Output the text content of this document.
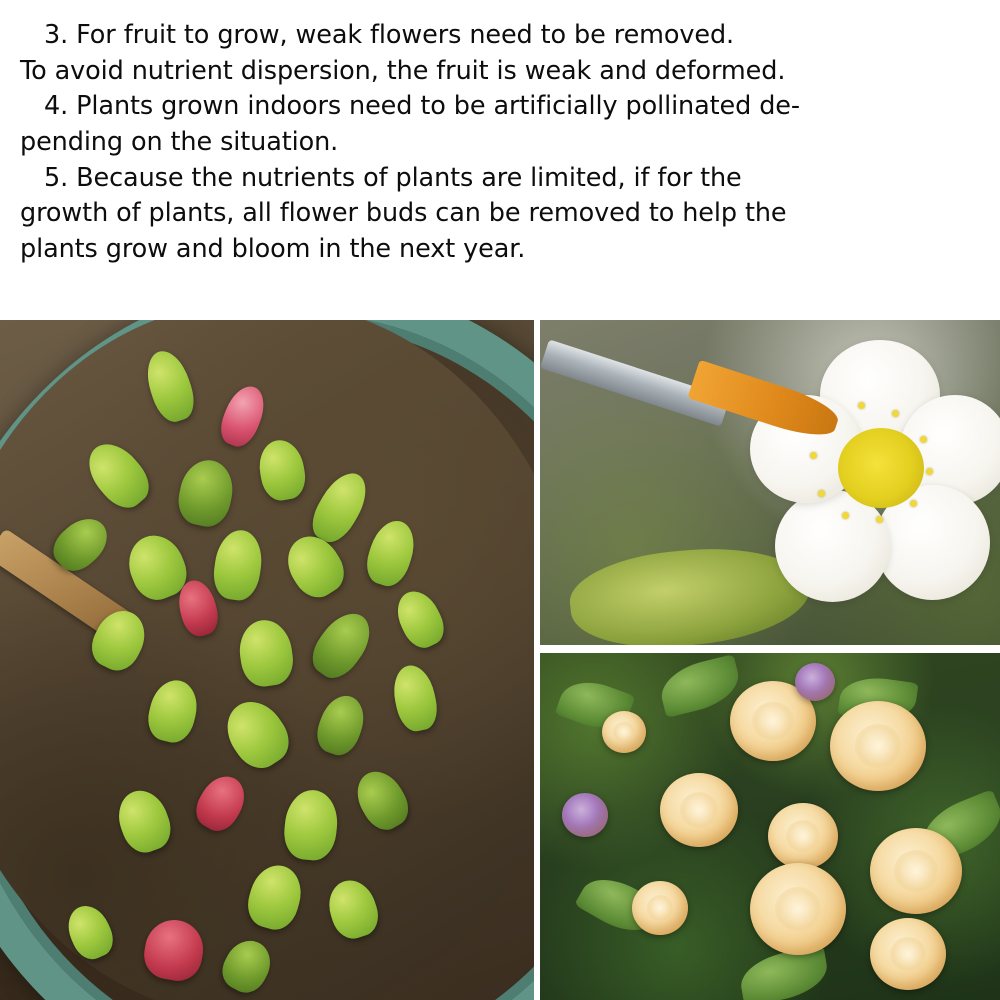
3. For fruit to grow, weak flowers need to be removed.
To avoid nutrient dispersion, the fruit is weak and deformed.

4. Plants grown indoors need to be artificially pollinated de-
pending on the situation.

5. Because the nutrients of plants are limited, if for the
growth of plants, all flower buds can be removed to help the
plants grow and bloom in the next year.
